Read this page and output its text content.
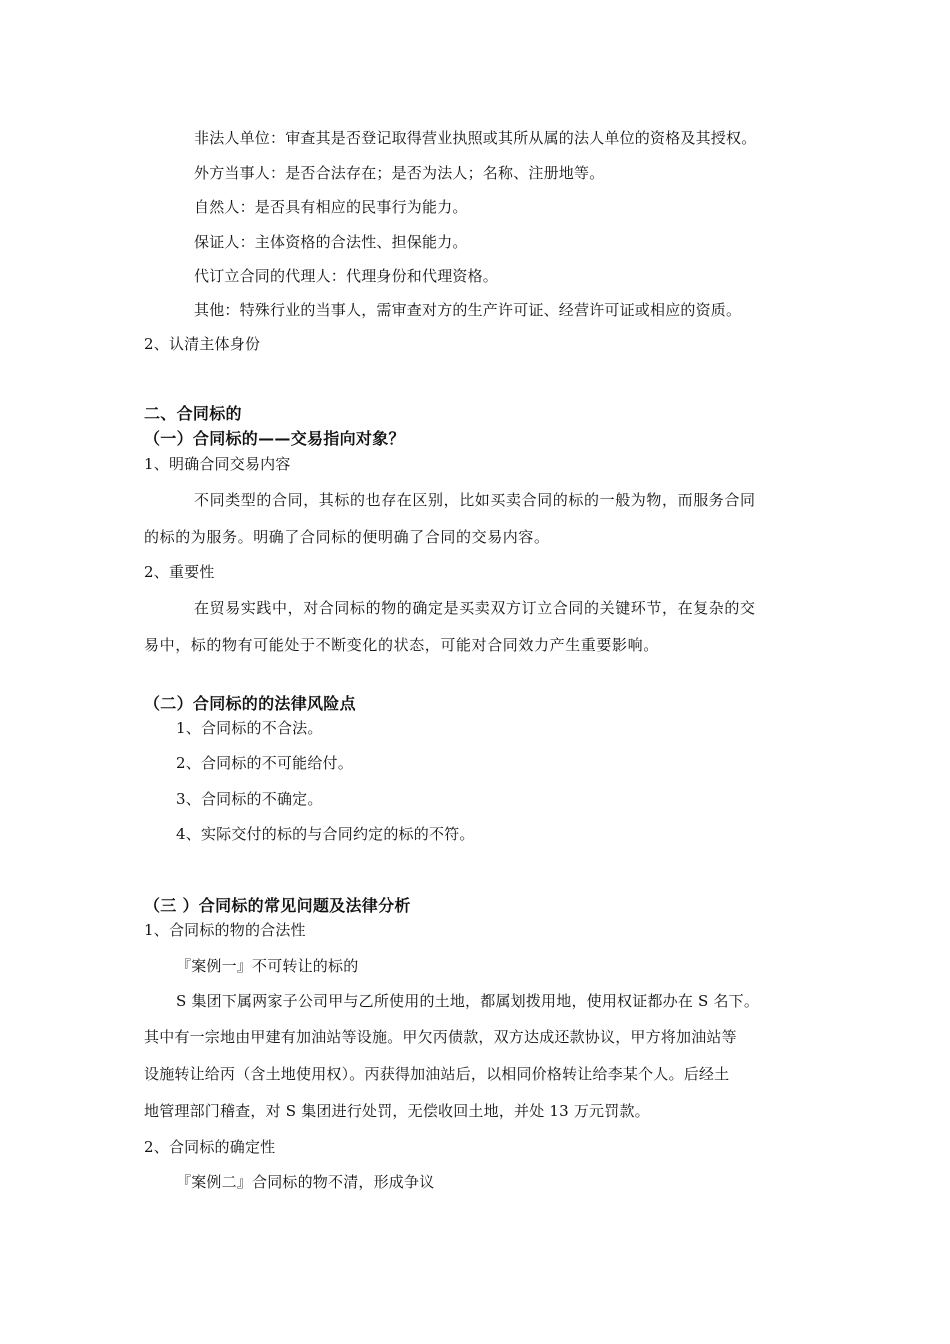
非法人单位：审查其是否登记取得营业执照或其所从属的法人单位的资格及其授权。
外方当事人：是否合法存在；是否为法人；名称、注册地等。
自然人：是否具有相应的民事行为能力。
保证人：主体资格的合法性、担保能力。
代订立合同的代理人：代理身份和代理资格。
其他：特殊行业的当事人，需审查对方的生产许可证、经营许可证或相应的资质。
2、认清主体身份
二、合同标的
（一）合同标的——交易指向对象？
1、明确合同交易内容
不同类型的合同，其标的也存在区别，比如买卖合同的标的一般为物，而服务合同
的标的为服务。明确了合同标的便明确了合同的交易内容。
2、重要性
在贸易实践中，对合同标的物的确定是买卖双方订立合同的关键环节，在复杂的交
易中，标的物有可能处于不断变化的状态，可能对合同效力产生重要影响。
（二）合同标的的法律风险点
1、合同标的不合法。
2、合同标的不可能给付。
3、合同标的不确定。
4、实际交付的标的与合同约定的标的不符。
（三 ）合同标的常见问题及法律分析
1、合同标的物的合法性
『案例一』不可转让的标的
S 集团下属两家子公司甲与乙所使用的土地，都属划拨用地，使用权证都办在 S 名下。
其中有一宗地由甲建有加油站等设施。甲欠丙债款，双方达成还款协议，甲方将加油站等
设施转让给丙（含土地使用权）。丙获得加油站后，以相同价格转让给李某个人。后经土
地管理部门稽查，对 S 集团进行处罚，无偿收回土地，并处 13 万元罚款。
2、合同标的确定性
『案例二』合同标的物不清，形成争议
